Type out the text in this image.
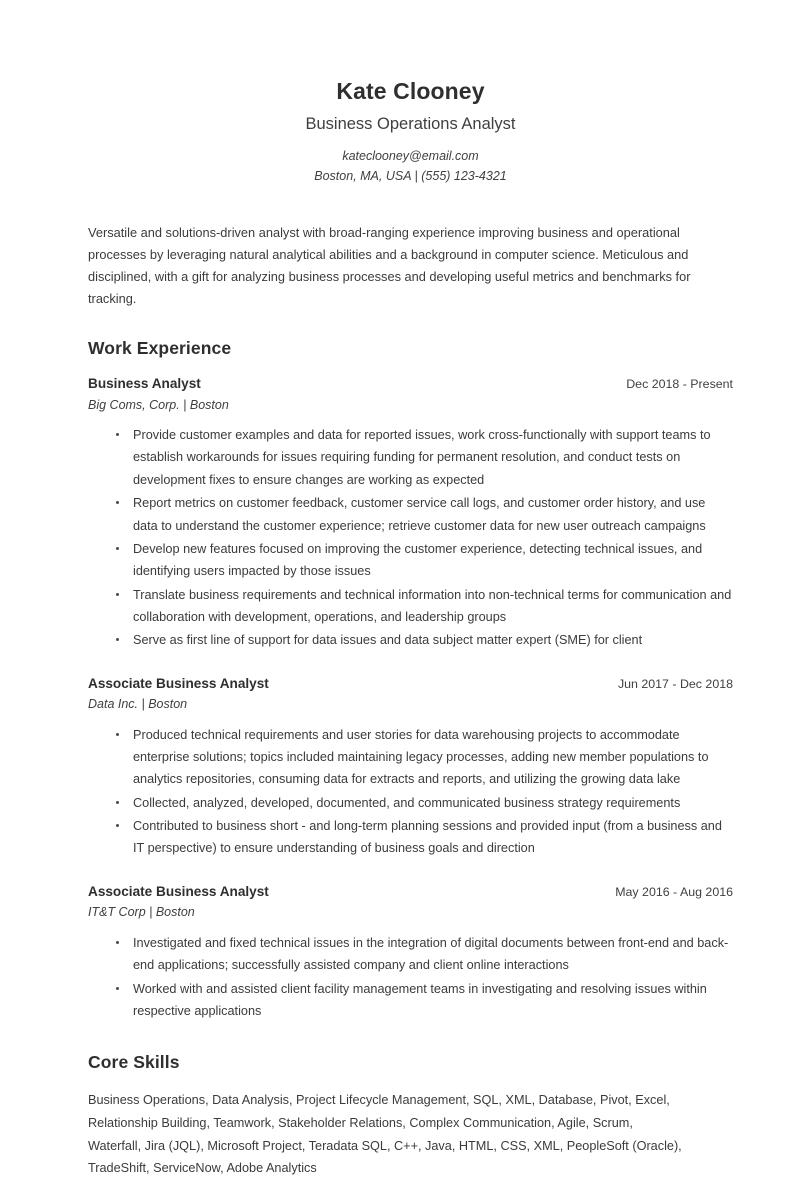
Kate Clooney
Business Operations Analyst
kateclooney@email.com
Boston, MA, USA | (555) 123-4321

Versatile and solutions-driven analyst with broad-ranging experience improving business and operational processes by leveraging natural analytical abilities and a background in computer science. Meticulous and disciplined, with a gift for analyzing business processes and developing useful metrics and benchmarks for tracking.

Work Experience
Business Analyst	Dec 2018 - Present
Big Coms, Corp. | Boston
Provide customer examples and data for reported issues, work cross-functionally with support teams to establish workarounds for issues requiring funding for permanent resolution, and conduct tests on development fixes to ensure changes are working as expected
Report metrics on customer feedback, customer service call logs, and customer order history, and use data to understand the customer experience; retrieve customer data for new user outreach campaigns
Develop new features focused on improving the customer experience, detecting technical issues, and identifying users impacted by those issues
Translate business requirements and technical information into non-technical terms for communication and collaboration with development, operations, and leadership groups
Serve as first line of support for data issues and data subject matter expert (SME) for client
Associate Business Analyst	Jun 2017 - Dec 2018
Data Inc. | Boston
Produced technical requirements and user stories for data warehousing projects to accommodate enterprise solutions; topics included maintaining legacy processes, adding new member populations to analytics repositories, consuming data for extracts and reports, and utilizing the growing data lake
Collected, analyzed, developed, documented, and communicated business strategy requirements
Contributed to business short - and long-term planning sessions and provided input (from a business and IT perspective) to ensure understanding of business goals and direction
Associate Business Analyst	May 2016 - Aug 2016
IT&T Corp | Boston
Investigated and fixed technical issues in the integration of digital documents between front-end and back-end applications; successfully assisted company and client online interactions
Worked with and assisted client facility management teams in investigating and resolving issues within respective applications
Core Skills
Business Operations, Data Analysis, Project Lifecycle Management, SQL, XML, Database, Pivot, Excel, Relationship Building, Teamwork, Stakeholder Relations, Complex Communication, Agile, Scrum, Waterfall, Jira (JQL), Microsoft Project, Teradata SQL, C++, Java, HTML, CSS, XML, PeopleSoft (Oracle), TradeShift, ServiceNow, Adobe Analytics
